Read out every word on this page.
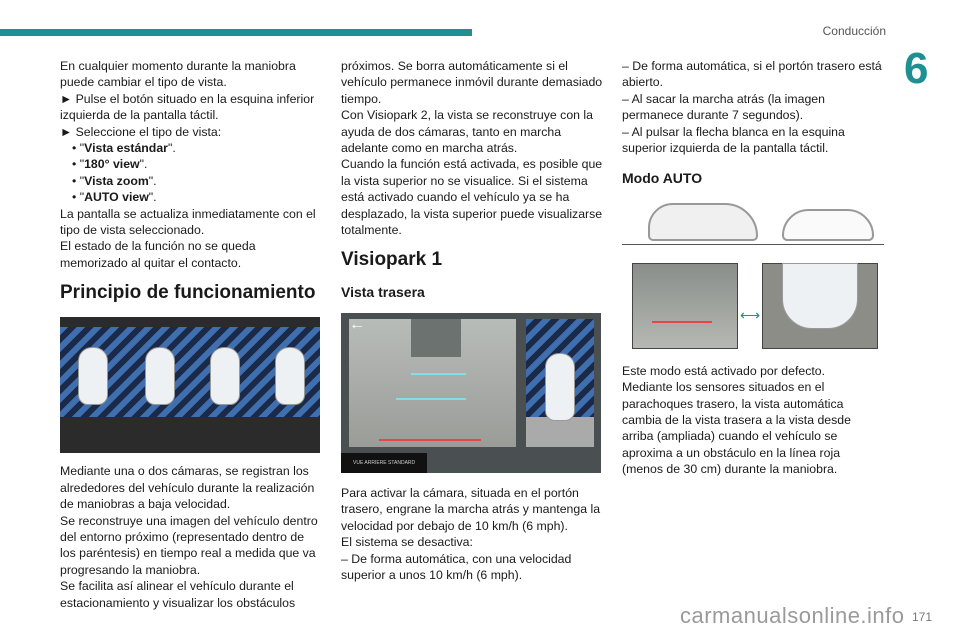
Conducción
6

En cualquier momento durante la maniobra puede cambiar el tipo de vista.

► Pulse el botón situado en la esquina inferior izquierda de la pantalla táctil.

► Seleccione el tipo de vista:

• "Vista estándar".

• "180° view".

• "Vista zoom".

• "AUTO view".

La pantalla se actualiza inmediatamente con el tipo de vista seleccionado.

El estado de la función no se queda memorizado al quitar el contacto.

Principio de funcionamiento

Mediante una o dos cámaras, se registran los alrededores del vehículo durante la realización de maniobras a baja velocidad.

Se reconstruye una imagen del vehículo dentro del entorno próximo (representado dentro de los paréntesis) en tiempo real a medida que va progresando la maniobra.

Se facilita así alinear el vehículo durante el estacionamiento y visualizar los obstáculos

próximos. Se borra automáticamente si el vehículo permanece inmóvil durante demasiado tiempo.

Con Visiopark 2, la vista se reconstruye con la ayuda de dos cámaras, tanto en marcha adelante como en marcha atrás.

Cuando la función está activada, es posible que la vista superior no se visualice. Si el sistema está activado cuando el vehículo ya se ha desplazado, la vista superior puede visualizarse totalmente.

Visiopark 1
Vista trasera
←
VUE ARRIERE STANDARD

Para activar la cámara, situada en el portón trasero, engrane la marcha atrás y mantenga la velocidad por debajo de 10 km/h (6 mph).

El sistema se desactiva:

– De forma automática, con una velocidad superior a unos 10 km/h (6 mph).

– De forma automática, si el portón trasero está abierto.

– Al sacar la marcha atrás (la imagen permanece durante 7 segundos).

– Al pulsar la flecha blanca en la esquina superior izquierda de la pantalla táctil.

Modo AUTO
⟷

Este modo está activado por defecto.

Mediante los sensores situados en el parachoques trasero, la vista automática cambia de la vista trasera a la vista desde arriba (ampliada) cuando el vehículo se aproxima a un obstáculo en la línea roja (menos de 30 cm) durante la maniobra.

carmanualsonline.info 171
